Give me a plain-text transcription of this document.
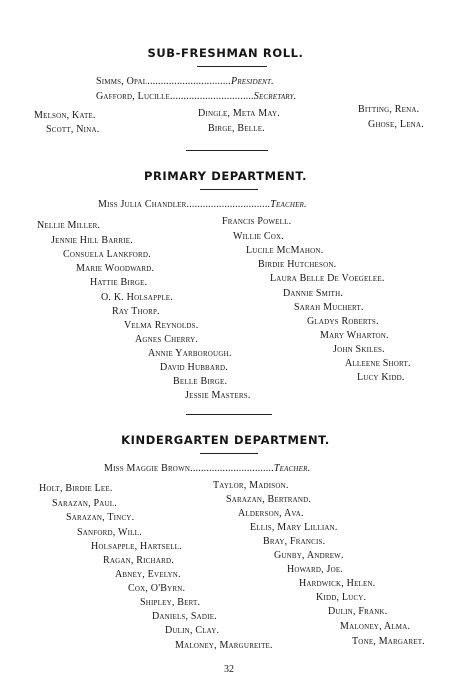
SUB-FRESHMAN ROLL.
Simms, Opal...............................President.
Gafford, Lucille...............................Secretary.
Melson, Kate.
Scott, Nina.
Dingle, Meta May.
Birge, Belle.
Bitting, Rena.
Ghose, Lena.
PRIMARY DEPARTMENT.
Miss Julia Chandler...............................Teacher.
Nellie Miller.
Jennie Hill Barrie.
Consuela Lankford.
Marie Woodward.
Hattie Birge.
O. K. Holsapple.
Ray Thorp.
Velma Reynolds.
Agnes Cherry.
Annie Yarborough.
David Hubbard.
Belle Birge.
Jessie Masters.
Francis Powell.
Willie Cox.
Lucile McMahon.
Birdie Hutcheson.
Laura Belle De Voegelee.
Dannie Smith.
Sarah Muchert.
Gladys Roberts.
Mary Wharton.
John Skiles.
Alleene Short.
Lucy Kidd.
KINDERGARTEN DEPARTMENT.
Miss Maggie Brown...............................Teacher.
Holt, Birdie Lee.
Sarazan, Paul.
Sarazan, Tincy.
Sanford, Will.
Holsapple, Hartsell.
Ragan, Richard.
Abney, Evelyn.
Cox, O'Byrn.
Shipley, Bert.
Daniels, Sadie.
Dulin, Clay.
Maloney, Margureite.
Taylor, Madison.
Sarazan, Bertrand.
Alderson, Ava.
Ellis, Mary Lillian.
Bray, Francis.
Gunby, Andrew.
Howard, Joe.
Hardwick, Helen.
Kidd, Lucy.
Dulin, Frank.
Maloney, Alma.
Tone, Margaret.
32
